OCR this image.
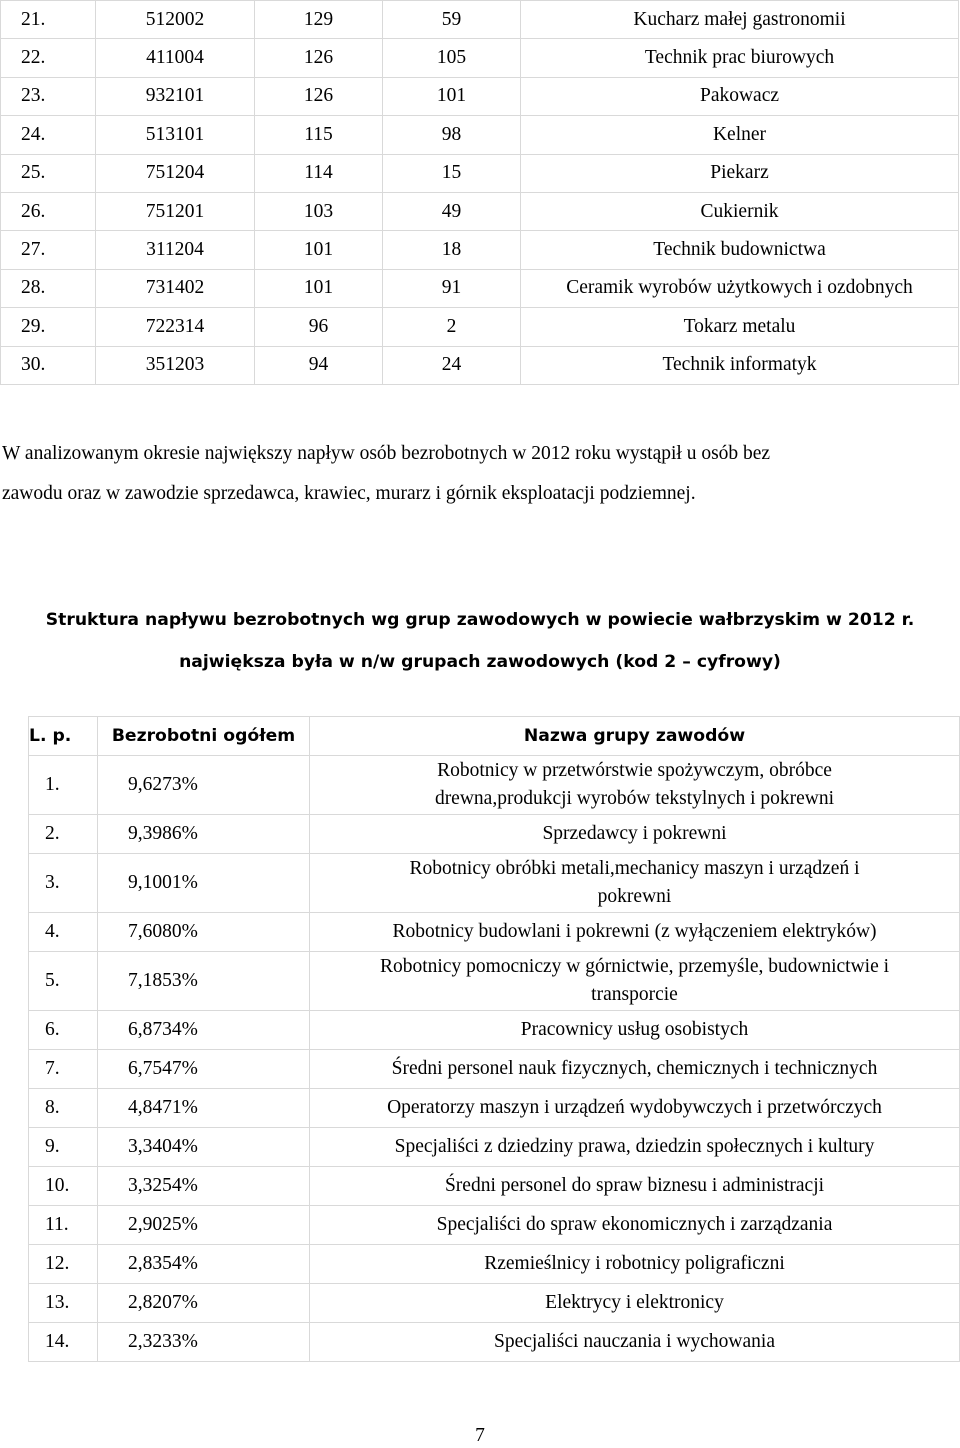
21.	512002	129	59	Kucharz małej gastronomii
22.	411004	126	105	Technik prac biurowych
23.	932101	126	101	Pakowacz
24.	513101	115	98	Kelner
25.	751204	114	15	Piekarz
26.	751201	103	49	Cukiernik
27.	311204	101	18	Technik budownictwa
28.	731402	101	91	Ceramik wyrobów użytkowych i ozdobnych
29.	722314	96	2	Tokarz metalu
30.	351203	94	24	Technik informatyk
W analizowanym okresie największy napływ osób bezrobotnych w 2012 roku wystąpił u osób bez
zawodu oraz w zawodzie sprzedawca, krawiec, murarz i górnik eksploatacji podziemnej.
Struktura napływu bezrobotnych wg grup zawodowych w powiecie wałbrzyskim w 2012 r.
największa była w n/w grupach zawodowych (kod 2 – cyfrowy)
L. p.	Bezrobotni ogółem	Nazwa grupy zawodów
1.	9,6273%	Robotnicy w przetwórstwie spożywczym, obróbce
drewna,produkcji wyrobów tekstylnych i pokrewni

2.	9,3986%	Sprzedawcy i pokrewni

3.	9,1001%	Robotnicy obróbki metali,mechanicy maszyn i urządzeń i
pokrewni

4.	7,6080%	Robotnicy budowlani i pokrewni (z wyłączeniem elektryków)

5.	7,1853%	Robotnicy pomocniczy w górnictwie, przemyśle, budownictwie i
transporcie

6.	6,8734%	Pracownicy usług osobistych

7.	6,7547%	Średni personel nauk fizycznych, chemicznych i technicznych

8.	4,8471%	Operatorzy maszyn i urządzeń wydobywczych i przetwórczych

9.	3,3404%	Specjaliści z dziedziny prawa, dziedzin społecznych i kultury

10.	3,3254%	Średni personel do spraw biznesu i administracji

11.	2,9025%	Specjaliści do spraw ekonomicznych i zarządzania

12.	2,8354%	Rzemieślnicy i robotnicy poligraficzni

13.	2,8207%	Elektrycy i elektronicy

14.	2,3233%	Specjaliści nauczania i wychowania
7
